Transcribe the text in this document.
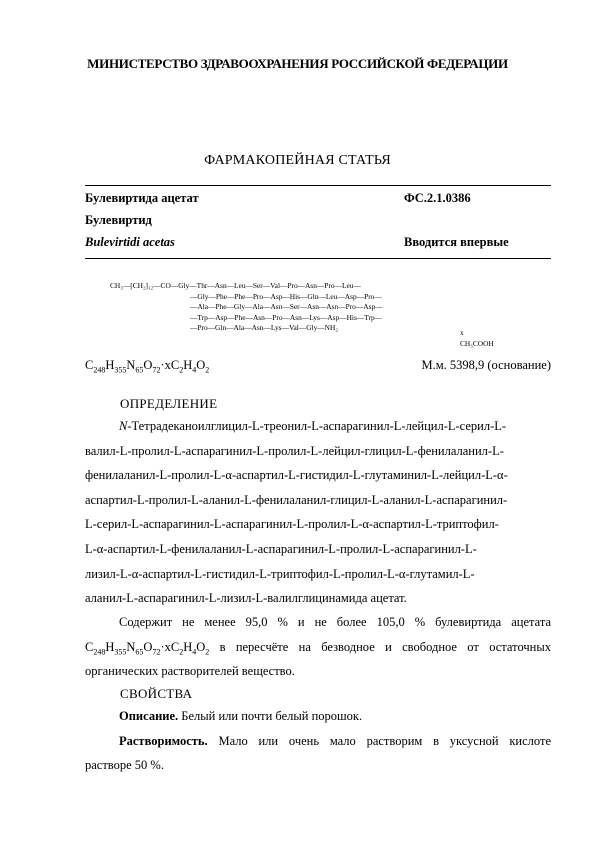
МИНИСТЕРСТВО ЗДРАВООХРАНЕНИЯ РОССИЙСКОЙ ФЕДЕРАЦИИ
ФАРМАКОПЕЙНАЯ СТАТЬЯ
Булевиртида ацетат	ФС.2.1.0386
Булевиртид
Bulevirtidi acetas	Вводится впервые
CH₃—[CH₂]₁₂—CO—Gly—Thr—Asn—Leu—Ser—Val—Pro—Asn—Pro—Leu—
—Gly—Phe—Phe—Pro—Asp—His—Gln—Leu—Asp—Pro—
—Ala—Phe—Gly—Ala—Asn—Ser—Asn—Asn—Pro—Asp—
—Trp—Asp—Phe—Asn—Pro—Asn—Lys—Asp—His—Trp—
—Pro—Gln—Ala—Asn—Lys—Val—Gly—NH₂
x CH₃COOH
$C_{248}H_{355}N_{65}O_{72}\cdot xC_2H_4O_2$	М.м. 5398,9 (основание)
ОПРЕДЕЛЕНИЕ
N-Тетрадеканоилглицил-L-треонил-L-аспарагинил-L-лейцил-L-серил-L-
валил-L-пролил-L-аспарагинил-L-пролил-L-лейцил-глицил-L-фенилаланил-L-
фенилаланил-L-пролил-L-α-аспартил-L-гистидил-L-глутаминил-L-лейцил-L-α-
аспартил-L-пролил-L-аланил-L-фенилаланил-глицил-L-аланил-L-аспарагинил-
L-серил-L-аспарагинил-L-аспарагинил-L-пролил-L-α-аспартил-L-триптофил-
L-α-аспартил-L-фенилаланил-L-аспарагинил-L-пролил-L-аспарагинил-L-
лизил-L-α-аспартил-L-гистидил-L-триптофил-L-пролил-L-α-глутамил-L-
аланил-L-аспарагинил-L-лизил-L-валилглицинамида ацетат.
Содержит не менее 95,0 % и не более 105,0 % булевиртида ацетата
$C_{248}H_{355}N_{65}O_{72}\cdot xC_2H_4O_2$ в пересчёте на безводное и свободное от остаточных
органических растворителей вещество.
СВОЙСТВА
Описание. Белый или почти белый порошок.
Растворимость. Мало или очень мало растворим в уксусной кислоте
растворе 50 %.
